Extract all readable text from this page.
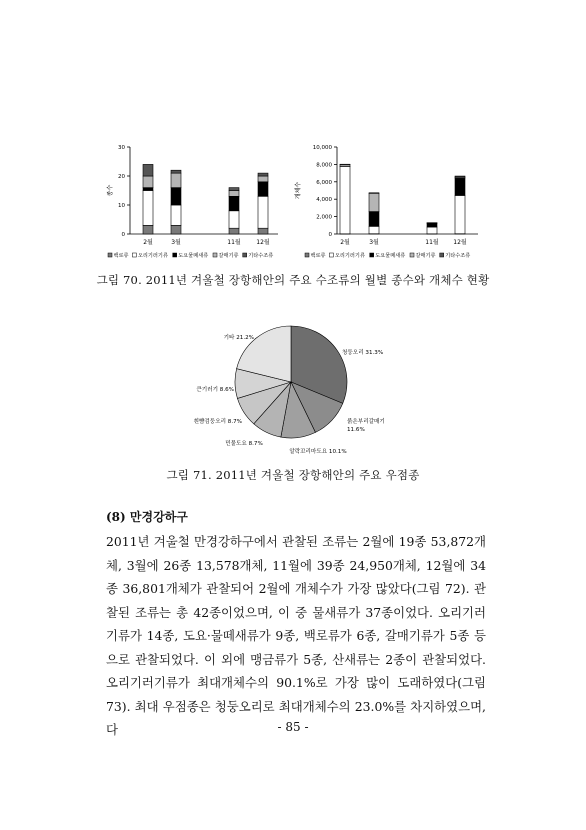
0
10
20
30
종수
2월	3월	11월	12월
백로류 오리기러기류 도요물떼새류 갈매기류 기타수조류
0
2,000
4,000
6,000
8,000
10,000
개체수
2월	3월	11월 12월
백로류 오리기러기류 도요물떼새류 갈매기류 기타수조류
그림 70. 2011년 겨울철 장항해안의 주요 수조류의 월별 종수와 개체수 현황
청둥오리 31.3%
붉은부리갈매기 11.6%
알락꼬리마도요 10.1%
민물도요 8.7%
흰뺨검둥오리 8.7%
큰기러기 8.6%
기타 21.2%
그림 71. 2011년 겨울철 장항해안의 주요 우점종
(8) 만경강하구

2011년 겨울철 만경강하구에서 관찰된 조류는 2월에 19종 53,872개체, 3월에 26종 13,578개체, 11월에 39종 24,950개체, 12월에 34종 36,801개체가 관찰되어 2월에 개체수가 가장 많았다(그림 72). 관찰된 조류는 총 42종이었으며, 이 중 물새류가 37종이었다. 오리기러기류가 14종, 도요·물떼새류가 9종, 백로류가 6종, 갈매기류가 5종 등으로 관찰되었다. 이 외에 맹금류가 5종, 산새류는 2종이 관찰되었다. 오리기러기류가 최대개체수의 90.1%로 가장 많이 도래하였다(그림 73). 최대 우점종은 청둥오리로 최대개체수의 23.0%를 차지하였으며, 다	- 85 -
